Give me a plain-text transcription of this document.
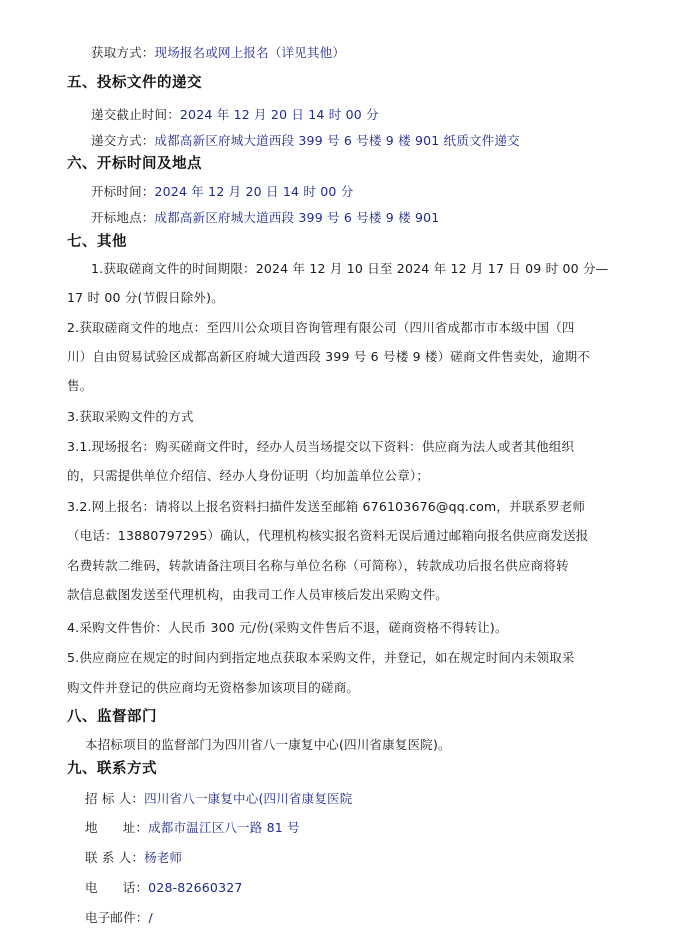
获取方式：现场报名或网上报名（详见其他）
五、投标文件的递交
递交截止时间：2024 年 12 月 20 日 14 时 00 分
递交方式：成都高新区府城大道西段 399 号 6 号楼 9 楼 901 纸质文件递交
六、开标时间及地点
开标时间：2024 年 12 月 20 日 14 时 00 分
开标地点：成都高新区府城大道西段 399 号 6 号楼 9 楼 901
七、其他
1.获取磋商文件的时间期限：2024 年 12 月 10 日至 2024 年 12 月 17 日 09 时 00 分—
17 时 00 分(节假日除外)。
2.获取磋商文件的地点：至四川公众项目咨询管理有限公司（四川省成都市市本级中国（四
川）自由贸易试验区成都高新区府城大道西段 399 号 6 号楼 9 楼）磋商文件售卖处，逾期不
售。
3.获取采购文件的方式
3.1.现场报名：购买磋商文件时，经办人员当场提交以下资料：供应商为法人或者其他组织
的，只需提供单位介绍信、经办人身份证明（均加盖单位公章）；
3.2.网上报名：请将以上报名资料扫描件发送至邮箱 676103676@qq.com，并联系罗老师
（电话：13880797295）确认，代理机构核实报名资料无误后通过邮箱向报名供应商发送报
名费转款二维码，转款请备注项目名称与单位名称（可简称），转款成功后报名供应商将转
款信息截图发送至代理机构，由我司工作人员审核后发出采购文件。
4.采购文件售价：人民币 300 元/份(采购文件售后不退，磋商资格不得转让)。
5.供应商应在规定的时间内到指定地点获取本采购文件，并登记，如在规定时间内未领取采
购文件并登记的供应商均无资格参加该项目的磋商。
八、监督部门
本招标项目的监督部门为四川省八一康复中心(四川省康复医院)。
九、联系方式
招 标 人：四川省八一康复中心(四川省康复医院
地      址：成都市温江区八一路 81 号
联 系 人：杨老师
电      话：028-82660327
电子邮件：/
